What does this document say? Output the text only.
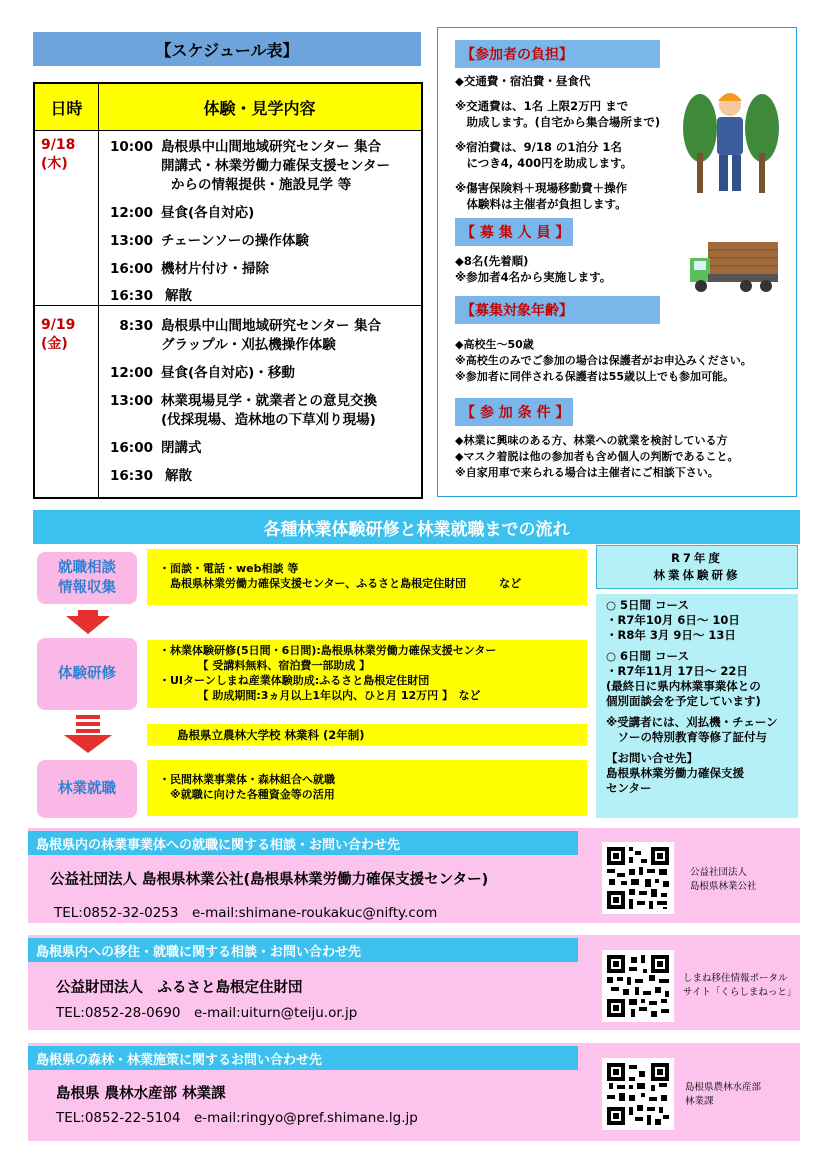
【スケジュール表】
日時	体験・見学内容
9/18
(木)
10:00 島根県中山間地域研究センター 集合
開講式・林業労働力確保支援センター
からの情報提供・施設見学 等
12:00 昼食(各自対応)
13:00 チェーンソーの操作体験
16:00 機材片付け・掃除
16:30 解散
9/19
(金)
8:30 島根県中山間地域研究センター 集合
グラップル・刈払機操作体験
12:00 昼食(各自対応)・移動
13:00 林業現場見学・就業者との意見交換
(伐採現場、造林地の下草刈り現場)
16:00 閉講式
16:30 解散
【参加者の負担】
◆交通費・宿泊費・昼食代
※交通費は、1名 上限2万円 まで
　助成します。(自宅から集合場所まで)
※宿泊費は、9/18 の1泊分 1名
　につき4, 400円を助成します。
※傷害保険料＋現場移動費＋操作
　体験料は主催者が負担します。
【 募 集 人 員 】
◆8名(先着順)
※参加者4名から実施します。
【募集対象年齢】
◆高校生～50歳
※高校生のみでご参加の場合は保護者がお申込みください。
※参加者に同伴される保護者は55歳以上でも参加可能。
【 参 加 条 件 】
◆林業に興味のある方、林業への就業を検討している方
◆マスク着脱は他の参加者も含め個人の判断であること。
※自家用車で来られる場合は主催者にご相談下さい。
各種林業体験研修と林業就職までの流れ
就職相談
情報収集
・面談・電話・web相談 等
　島根県林業労働力確保支援センター、ふるさと島根定住財団　　　など
体験研修
・林業体験研修(5日間・6日間):島根県林業労働力確保支援センター
　　　　【 受講料無料、宿泊費一部助成 】
・UIターンしまね産業体験助成:ふるさと島根定住財団
　　　　【 助成期間:3ヵ月以上1年以内、ひと月 12万円 】　など
島根県立農林大学校 林業科 (2年制)
林業就職
・民間林業事業体・森林組合へ就職
　※就職に向けた各種資金等の活用
R7年度
林業体験研修
○ 5日間 コース
・R7年10月 6日～ 10日
・R8年 3月 9日～ 13日
○ 6日間 コース
・R7年11月 17日～ 22日
(最終日に県内林業事業体との
個別面談会を予定しています)
※受講者には、刈払機・チェーン
　ソーの特別教育等修了証付与
【お問い合せ先】
島根県林業労働力確保支援
センター
島根県内の林業事業体への就職に関する相談・お問い合わせ先
公益社団法人 島根県林業公社(島根県林業労働力確保支援センター)
TEL:0852-32-0253　e-mail:shimane-roukakuc@nifty.com
公益社団法人
島根県林業公社
島根県内への移住・就職に関する相談・お問い合わせ先
公益財団法人　ふるさと島根定住財団
TEL:0852-28-0690　e-mail:uiturn@teiju.or.jp
しまね移住情報ポータル
サイト「くらしまねっと」
島根県の森林・林業施策に関するお問い合わせ先
島根県 農林水産部 林業課
TEL:0852-22-5104　e-mail:ringyo@pref.shimane.lg.jp
島根県農林水産部
林業課
